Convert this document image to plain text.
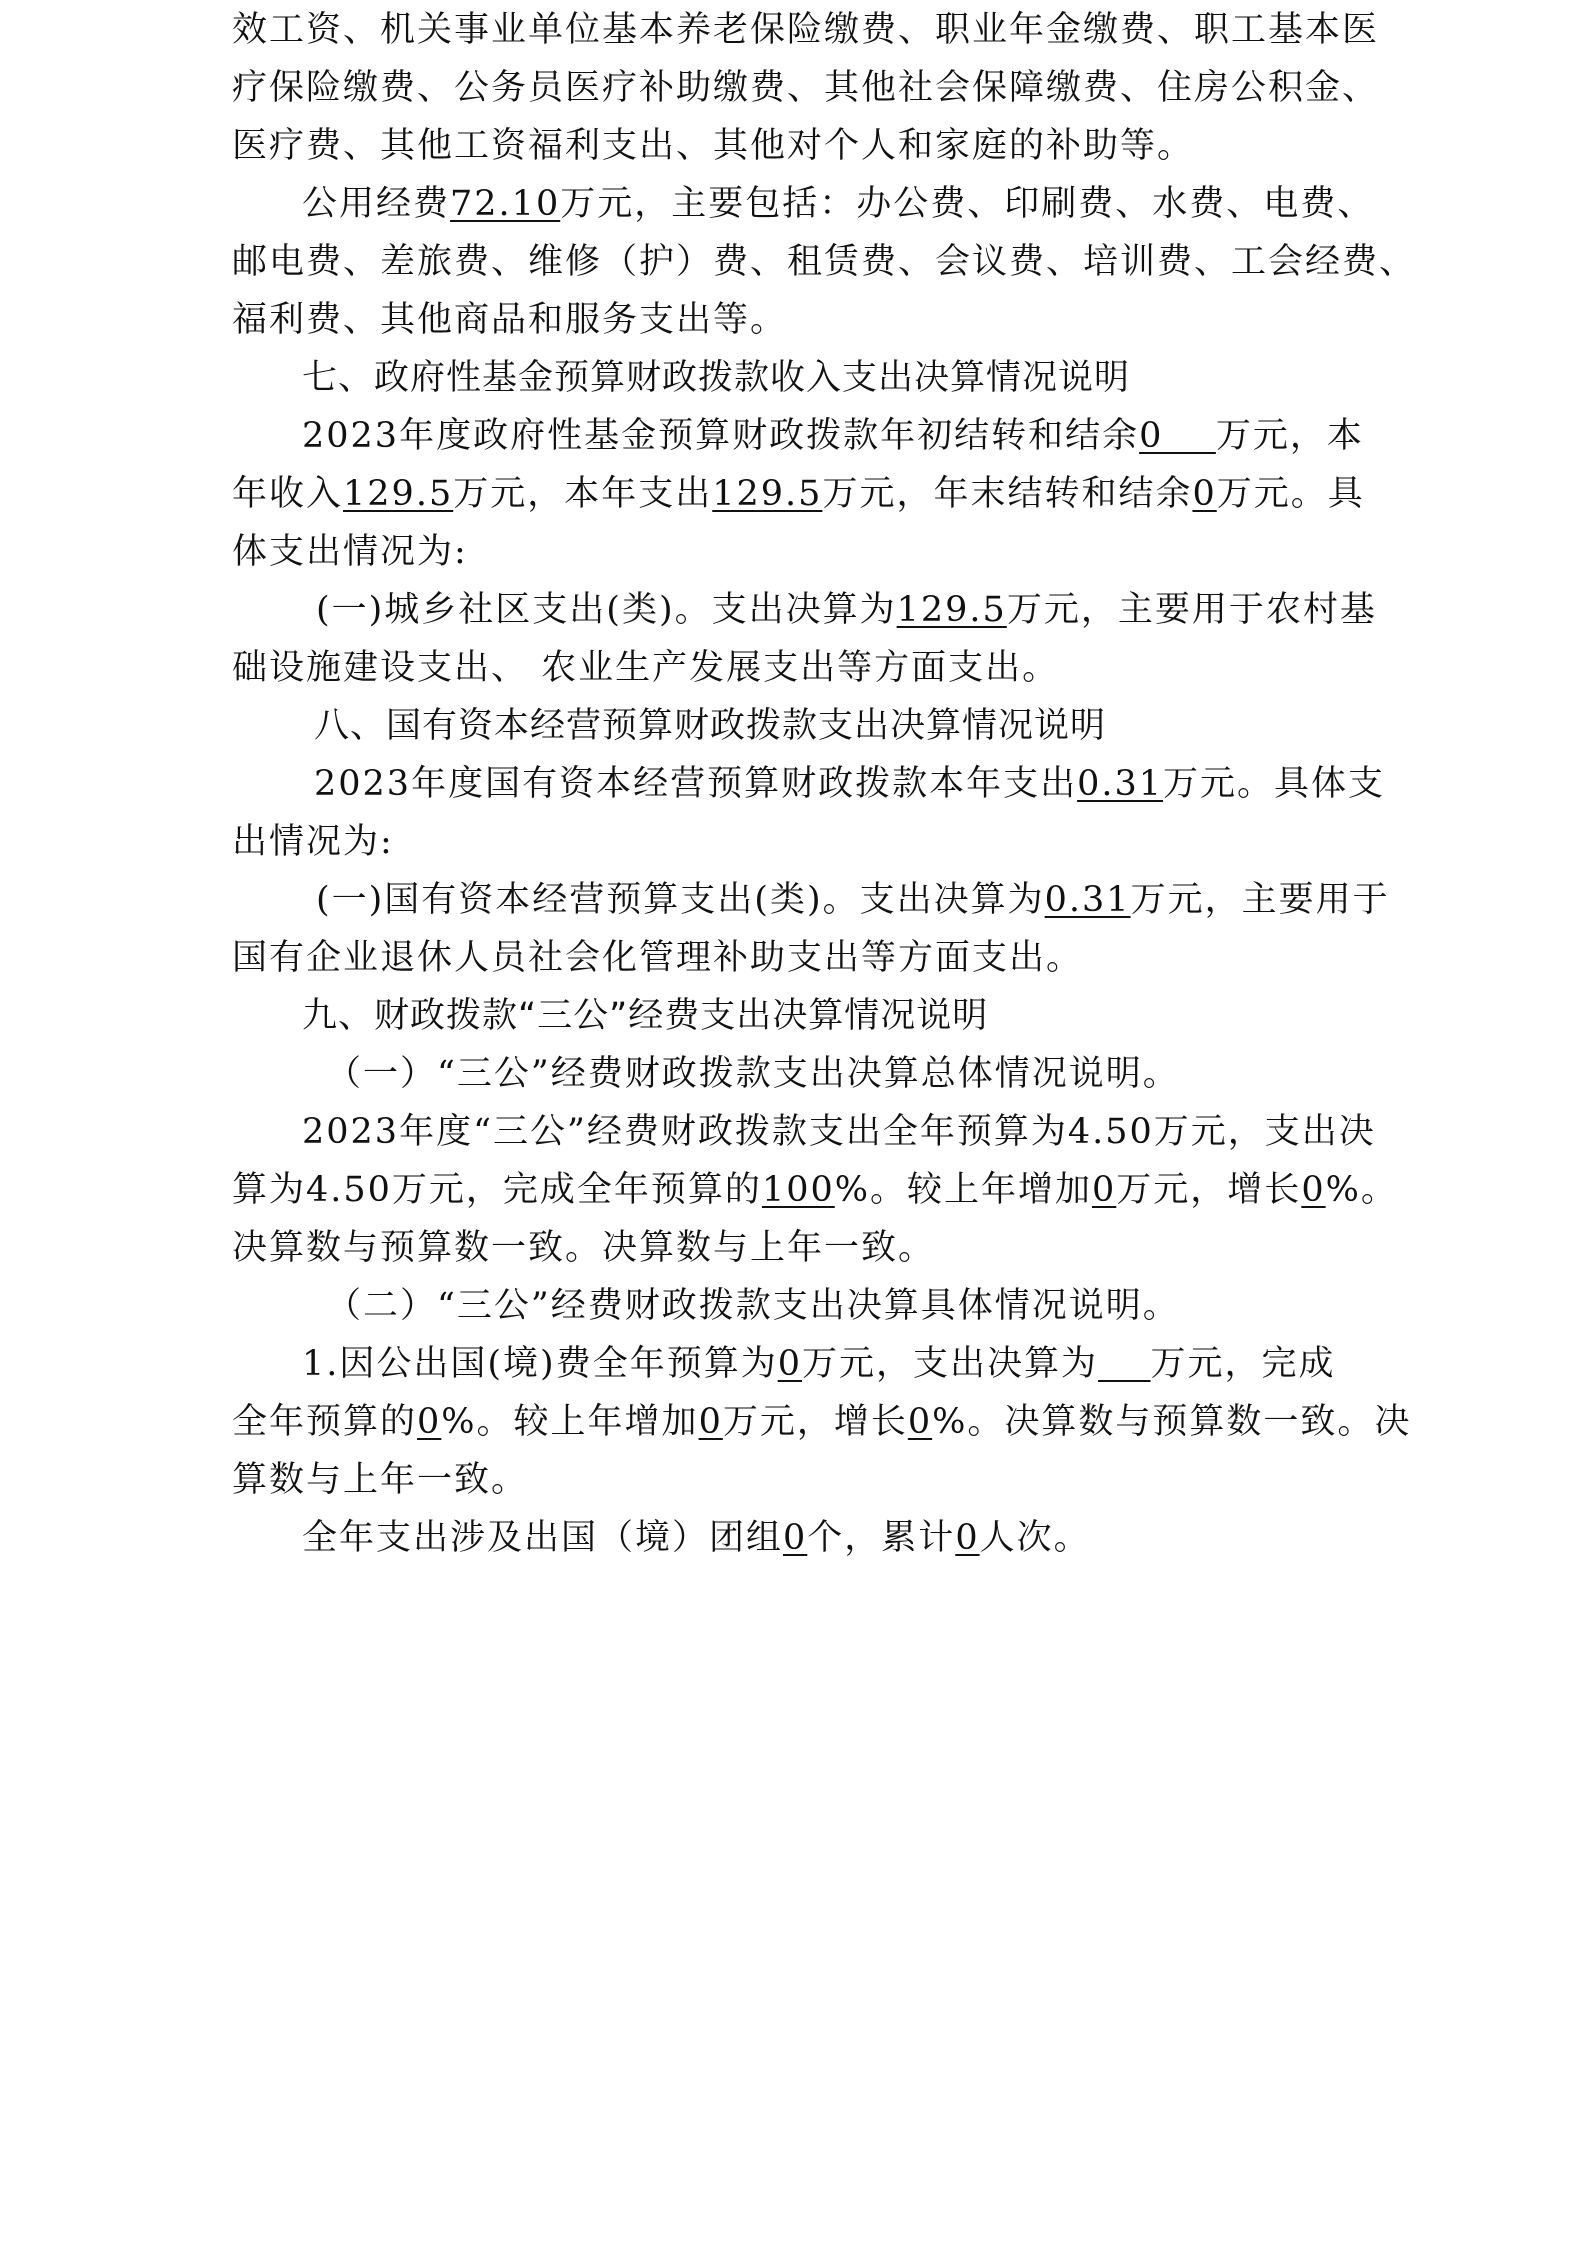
效工资、机关事业单位基本养老保险缴费、职业年金缴费、职工基本医
疗保险缴费、公务员医疗补助缴费、其他社会保障缴费、住房公积金、
医疗费、其他工资福利支出、其他对个人和家庭的补助等。
公用经费72.10万元，主要包括：办公费、印刷费、水费、电费、
邮电费、差旅费、维修（护）费、租赁费、会议费、培训费、工会经费、
福利费、其他商品和服务支出等。
七、政府性基金预算财政拨款收入支出决算情况说明
2023年度政府性基金预算财政拨款年初结转和结余0    万元，本
年收入129.5万元，本年支出129.5万元，年末结转和结余0万元。具
体支出情况为:
(一)城乡社区支出(类)。支出决算为129.5万元，主要用于农村基
础设施建设支出、 农业生产发展支出等方面支出。
八、国有资本经营预算财政拨款支出决算情况说明
2023年度国有资本经营预算财政拨款本年支出0.31万元。具体支
出情况为:
(一)国有资本经营预算支出(类)。支出决算为0.31万元，主要用于
国有企业退休人员社会化管理补助支出等方面支出。
九、财政拨款“三公”经费支出决算情况说明
（一）“三公”经费财政拨款支出决算总体情况说明。
2023年度“三公”经费财政拨款支出全年预算为4.50万元，支出决
算为4.50万元，完成全年预算的100%。较上年增加0万元，增长0%。
决算数与预算数一致。决算数与上年一致。
（二）“三公”经费财政拨款支出决算具体情况说明。
1.因公出国(境)费全年预算为0万元，支出决算为 万元，完成
全年预算的0%。较上年增加0万元，增长0%。决算数与预算数一致。决
算数与上年一致。
全年支出涉及出国（境）团组0个，累计0人次。
